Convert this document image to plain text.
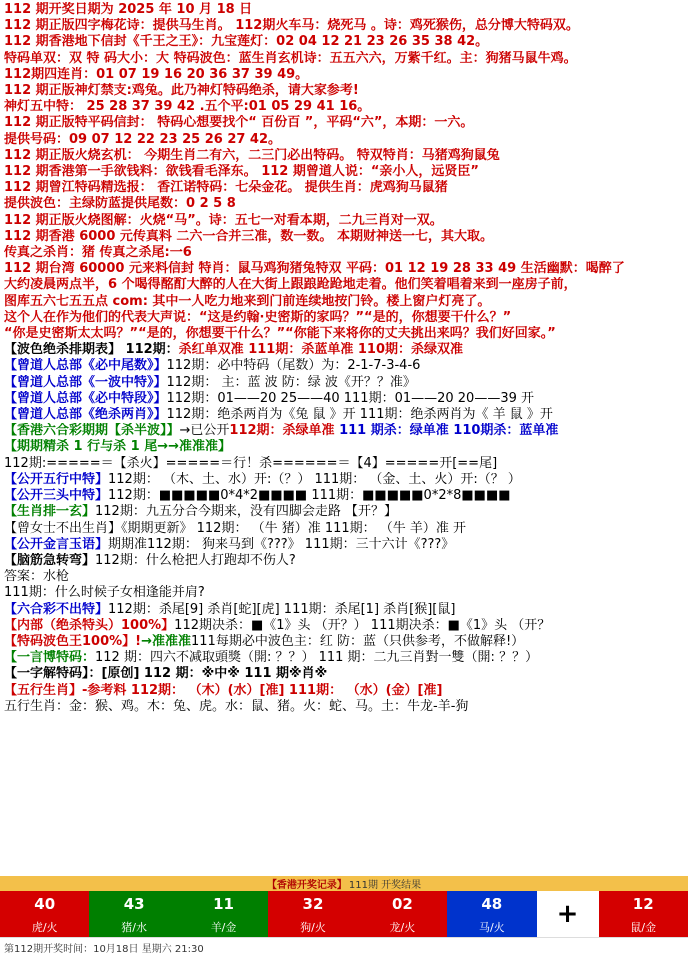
112 期开奖日期为 2025 年 10 月 18 日
112 期正版四字梅花诗：提供马生肖。 112期火车马：烧死马 。诗：鸡死猴伤，总分博大特码双。
112 期香港地下信封《千王之王》：九宝莲灯：02 04 12 21 23 26 35 38 42。
特码单双：双 特 码大小：大 特码波色：蓝生肖玄机诗：五五六六，万紫千红。主：狗猪马鼠牛鸡。
112期四连肖：01 07 19 16 20 36 37 39 49。
112 期正版神灯禁支:鸡兔。此乃神灯特码绝杀，请大家参考!
神灯五中特： 25 28 37 39 42 .五个平:01 05 29 41 16。
112 期正版特平码信封： 特码心想要找个“ 百份百 ”，平码“六”，本期：一六。
提供号码：09 07 12 22 23 25 26 27 42。
112 期正版火烧玄机： 今期生肖二有六，二三门必出特码。 特双特肖：马猪鸡狗鼠兔
112 期香港第一手欲钱料：欲钱看毛泽东。 112 期曾道人说：“亲小人，远贤臣”
112 期曾江特码精选报： 香江诺特码：七朵金花。 提供生肖：虎鸡狗马鼠猪
提供波色：主绿防蓝提供尾数：0 2 5 8
112 期正版火烧图解：火烧“马”。诗：五七一对看本期，二九三肖对一双。
112 期香港 6000 元传真料 二六一合并三准，数一数。 本期财神送一七，其大取。
传真之杀肖：猪 传真之杀尾:一6
112 期台湾 60000 元来料信封 特肖：鼠马鸡狗猪兔特双 平码：01 12 19 28 33 49 生活幽默：喝醉了
大约凌晨两点半，6 个喝得酩酊大醉的人在大街上跟踉跄跄地走着。他们笑着唱着来到一座房子前，
图库五六七五五点 com: 其中一人吃力地来到门前连续地按门铃。楼上窗户灯亮了。
这个人在作为他们的代表大声说：“这是约翰·史密斯的家吗？”“是的，你想要干什么？”
“你是史密斯太太吗？”“是的，你想要干什么？”“你能下来将你的丈夫挑出来吗？我们好回家。”
【波色绝杀排期表】 112期：杀红单双准 111期：杀蓝单准 110期：杀绿双准
【曾道人总部《必中尾数》】112期：必中特码（尾数）为：2-1-7-3-4-6
【曾道人总部《一波中特》】112期： 主：蓝 波 防：绿 波《开？？准》
【曾道人总部《必中特段》】112期：01——20 25——40 111期：01——20 20——39 开
【曾道人总部《绝杀两肖》】112期：绝杀两肖为《兔 鼠 》开 111期：绝杀两肖为《 羊 鼠 》开
【香港六合彩期期【杀半波】】→已公开112期：杀绿单准 111 期杀：绿单准 110期杀：蓝单准
【期期精杀 1 行与杀 1 尾→→准准准】
112期:=====＝【杀火】=====＝行！杀======＝【4】=====开[==尾]
【公开五行中特】112期： （木、土、水）开:（？） 111期： （金、土、火）开:（？ ）
【公开三头中特】112期：■■■■■0*4*2■■■■ 111期：■■■■■0*2*8■■■■
【生肖排一玄】112期：九五分合今期来，没有四脚会走路 【开？】
【曾女士不出生肖】《期期更新》 112期： （牛 猪）准 111期： （牛 羊）准 开
【公开金言玉语】期期准112期： 狗来马到《???》 111期：三十六计《???》
【脑筋急转弯】112期：什么枪把人打跑却不伤人?
答案：水枪
111期：什么时候子女相逢能并肩?
【六合彩不出特】112期：杀尾[9] 杀肖[蛇][虎] 111期：杀尾[1] 杀肖[猴][鼠]
【内部（绝杀特头）100%】112期决杀：■《1》头 （开？） 111期决杀：■《1》头 （开？
【特码波色王100%】!→准准准111每期必中波色主：红 防：蓝（只供参考，不做解释!）
【一言博特码：112 期：四六不减取頭獎（開: ？？） 111 期：二九三肖對一雙（開: ？？）
【一字解特码】：[原创] 112 期：※中※ 111 期※肖※
【五行生肖】-参考料 112期： （木）(水）[准] 111期： （水）(金）[准]
五行生肖：金：猴、鸡。木：兔、虎。水：鼠、猪。火：蛇、马。土：牛龙-羊-狗
【香港开奖记录】 111期 开奖结果
40
虎/火
43
猪/水
11
羊/金
32
狗/火
02
龙/火
48
马/火	+	12
鼠/金
第112期开奖时间：10月18日 星期六 21:30
